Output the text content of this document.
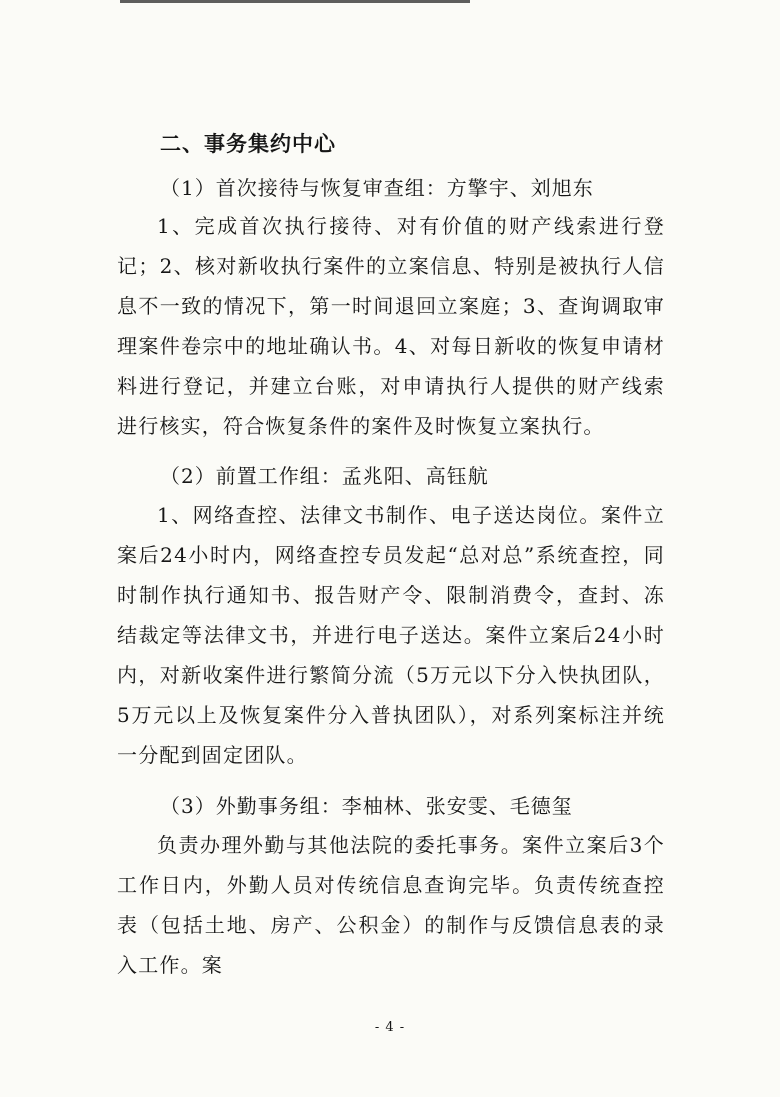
二、事务集约中心
（1）首次接待与恢复审查组：方擎宇、刘旭东

1、完成首次执行接待、对有价值的财产线索进行登记；2、核对新收执行案件的立案信息、特别是被执行人信息不一致的情况下，第一时间退回立案庭；3、查询调取审理案件卷宗中的地址确认书。4、对每日新收的恢复申请材料进行登记，并建立台账，对申请执行人提供的财产线索进行核实，符合恢复条件的案件及时恢复立案执行。

（2）前置工作组：孟兆阳、高钰航

1、网络查控、法律文书制作、电子送达岗位。案件立案后24小时内，网络查控专员发起“总对总”系统查控，同时制作执行通知书、报告财产令、限制消费令，查封、冻结裁定等法律文书，并进行电子送达。案件立案后24小时内，对新收案件进行繁简分流（5万元以下分入快执团队，5万元以上及恢复案件分入普执团队），对系列案标注并统一分配到固定团队。

（3）外勤事务组：李柚林、张安雯、毛德玺

负责办理外勤与其他法院的委托事务。案件立案后3个工作日内，外勤人员对传统信息查询完毕。负责传统查控表（包括土地、房产、公积金）的制作与反馈信息表的录入工作。案

- 4 -
